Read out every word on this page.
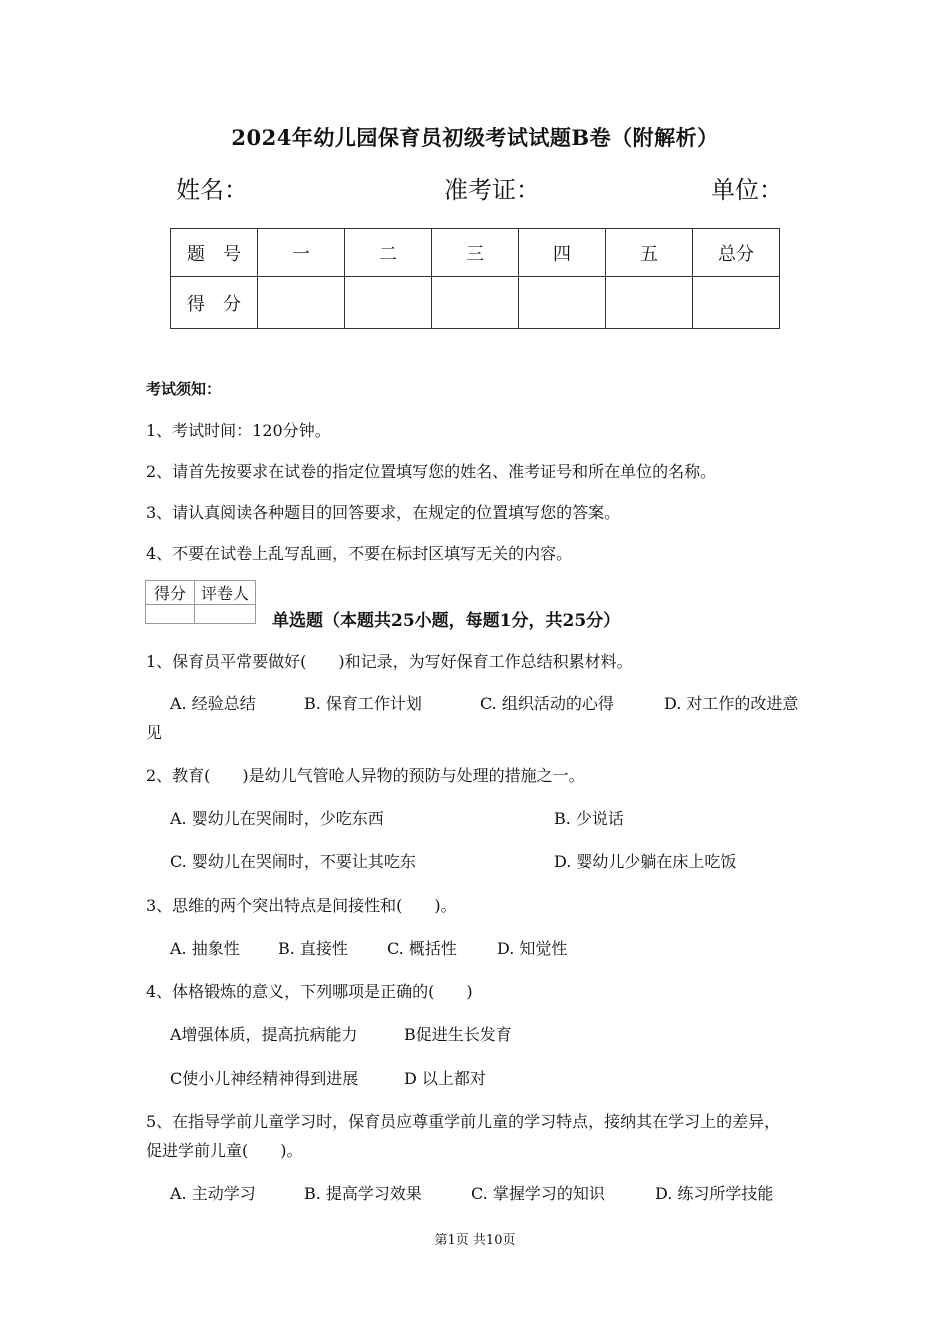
2024年幼儿园保育员初级考试试题B卷（附解析）
姓名：	准考证：	单位：
题　号	一	二	三	四	五	总分
得　分						
考试须知：
1、考试时间：120分钟。
2、请首先按要求在试卷的指定位置填写您的姓名、准考证号和所在单位的名称。
3、请认真阅读各种题目的回答要求，在规定的位置填写您的答案。
4、不要在试卷上乱写乱画，不要在标封区填写无关的内容。
得分	评卷人

单选题（本题共25小题，每题1分，共25分）
1、保育员平常要做好(　　)和记录，为写好保育工作总结积累材料。
A. 经验总结	B. 保育工作计划	C. 组织活动的心得	D. 对工作的改进意
见
2、教育(　　)是幼儿气管呛人异物的预防与处理的措施之一。
A. 婴幼儿在哭闹时，少吃东西	B. 少说话
C. 婴幼儿在哭闹时，不要让其吃东	D. 婴幼儿少躺在床上吃饭
3、思维的两个突出特点是间接性和(　　)。
A. 抽象性 B. 直接性 C. 概括性	D. 知觉性
4、体格锻炼的意义，下列哪项是正确的(　　)
A增强体质，提高抗病能力	B促进生长发育
C使小儿神经精神得到进展	D 以上都对
5、在指导学前儿童学习时，保育员应尊重学前儿童的学习特点，接纳其在学习上的差异，
促进学前儿童(　　)。
A. 主动学习	B. 提高学习效果	C. 掌握学习的知识	D. 练习所学技能
第1页 共10页
